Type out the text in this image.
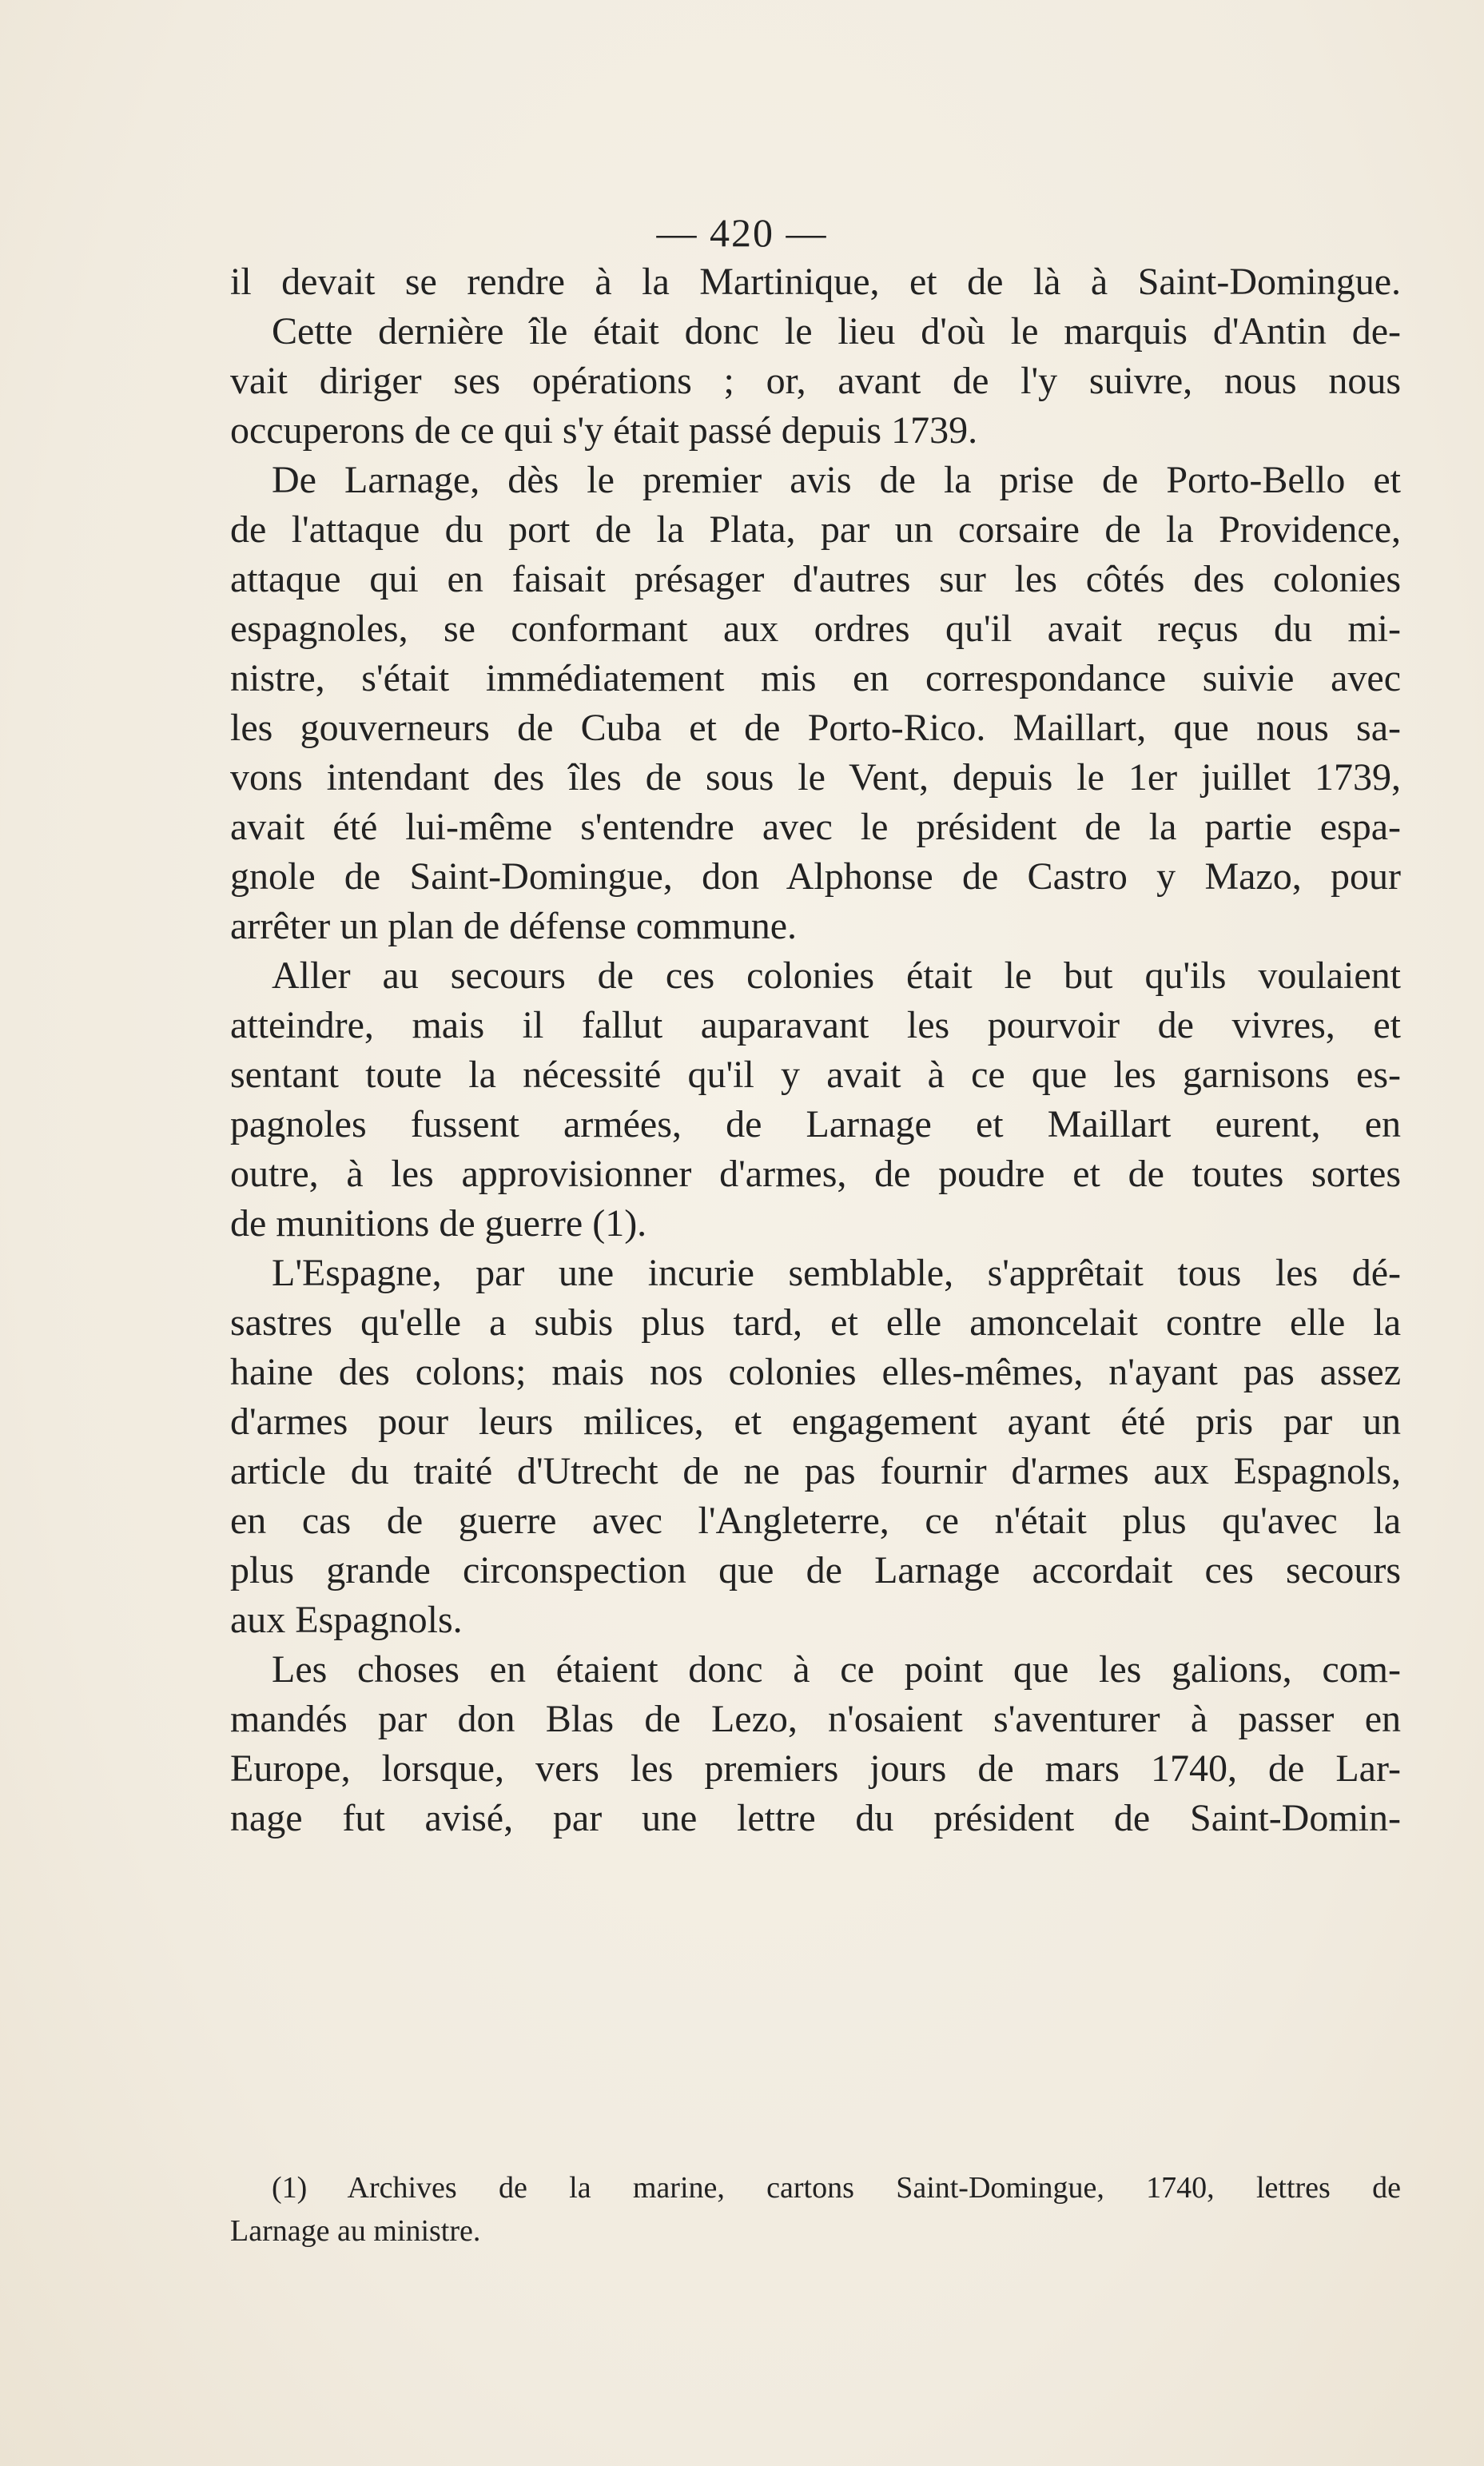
— 420 —
il devait se rendre à la Martinique, et de là à Saint-Domingue.
Cette dernière île était donc le lieu d'où le marquis d'Antin de-
vait diriger ses opérations ; or, avant de l'y suivre, nous nous
occuperons de ce qui s'y était passé depuis 1739.
De Larnage, dès le premier avis de la prise de Porto-Bello et
de l'attaque du port de la Plata, par un corsaire de la Providence,
attaque qui en faisait présager d'autres sur les côtés des colonies
espagnoles, se conformant aux ordres qu'il avait reçus du mi-
nistre, s'était immédiatement mis en correspondance suivie avec
les gouverneurs de Cuba et de Porto-Rico. Maillart, que nous sa-
vons intendant des îles de sous le Vent, depuis le 1er juillet 1739,
avait été lui-même s'entendre avec le président de la partie espa-
gnole de Saint-Domingue, don Alphonse de Castro y Mazo, pour
arrêter un plan de défense commune.
Aller au secours de ces colonies était le but qu'ils voulaient
atteindre, mais il fallut auparavant les pourvoir de vivres, et
sentant toute la nécessité qu'il y avait à ce que les garnisons es-
pagnoles fussent armées, de Larnage et Maillart eurent, en
outre, à les approvisionner d'armes, de poudre et de toutes sortes
de munitions de guerre (1).
L'Espagne, par une incurie semblable, s'apprêtait tous les dé-
sastres qu'elle a subis plus tard, et elle amoncelait contre elle la
haine des colons; mais nos colonies elles-mêmes, n'ayant pas assez
d'armes pour leurs milices, et engagement ayant été pris par un
article du traité d'Utrecht de ne pas fournir d'armes aux Espagnols,
en cas de guerre avec l'Angleterre, ce n'était plus qu'avec la
plus grande circonspection que de Larnage accordait ces secours
aux Espagnols.
Les choses en étaient donc à ce point que les galions, com-
mandés par don Blas de Lezo, n'osaient s'aventurer à passer en
Europe, lorsque, vers les premiers jours de mars 1740, de Lar-
nage fut avisé, par une lettre du président de Saint-Domin-
(1) Archives de la marine, cartons Saint-Domingue, 1740, lettres de
Larnage au ministre.
